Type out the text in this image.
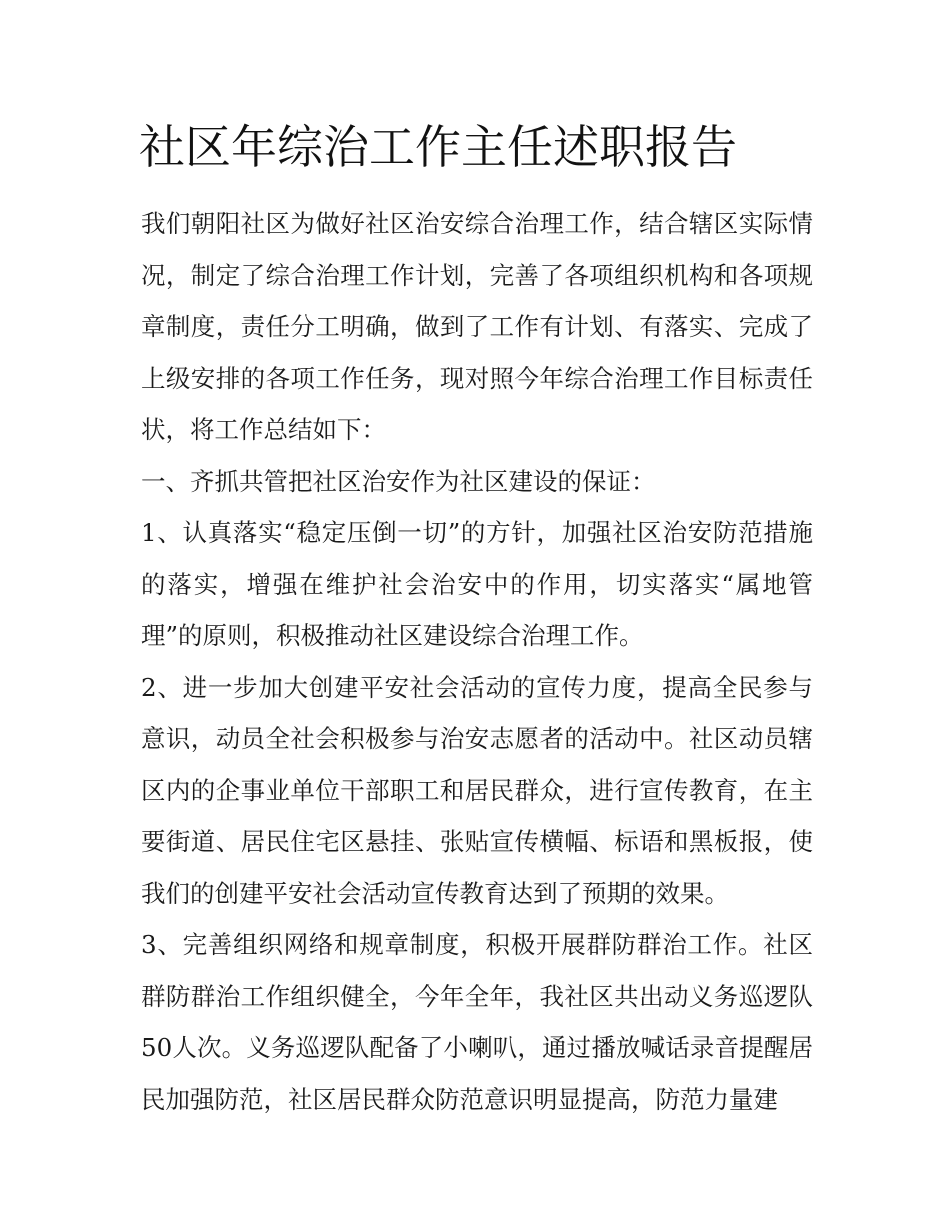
社区年综治工作主任述职报告

我们朝阳社区为做好社区治安综合治理工作，结合辖区实际情况，制定了综合治理工作计划，完善了各项组织机构和各项规章制度，责任分工明确，做到了工作有计划、有落实、完成了上级安排的各项工作任务，现对照今年综合治理工作目标责任状，将工作总结如下：

一、齐抓共管把社区治安作为社区建设的保证：

1、认真落实“稳定压倒一切”的方针，加强社区治安防范措施的落实，增强在维护社会治安中的作用，切实落实“属地管理”的原则，积极推动社区建设综合治理工作。

2、进一步加大创建平安社会活动的宣传力度，提高全民参与意识，动员全社会积极参与治安志愿者的活动中。社区动员辖区内的企事业单位干部职工和居民群众，进行宣传教育，在主要街道、居民住宅区悬挂、张贴宣传横幅、标语和黑板报，使我们的创建平安社会活动宣传教育达到了预期的效果。

3、完善组织网络和规章制度，积极开展群防群治工作。社区群防群治工作组织健全，今年全年，我社区共出动义务巡逻队50人次。义务巡逻队配备了小喇叭，通过播放喊话录音提醒居民加强防范，社区居民群众防范意识明显提高，防范力量建
